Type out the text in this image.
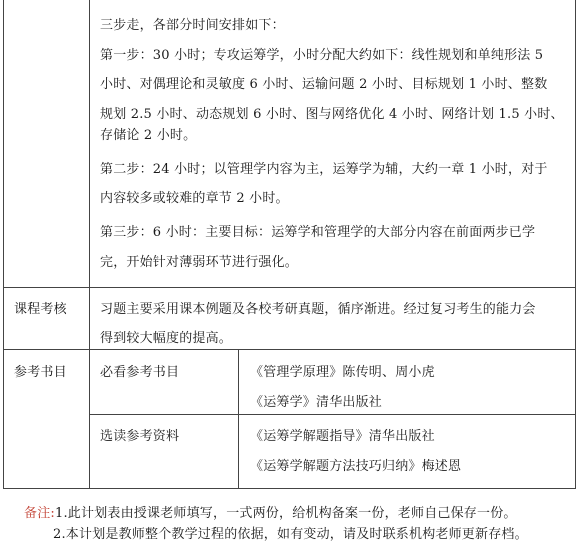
三步走，各部分时间安排如下：
第一步：30 小时；专攻运筹学，小时分配大约如下：线性规划和单纯形法 5
小时、对偶理论和灵敏度 6 小时、运输问题 2 小时、目标规划 1 小时、整数
规划 2.5 小时、动态规划 6 小时、图与网络优化 4 小时、网络计划 1.5 小时、
存储论 2 小时。
第二步：24 小时；以管理学内容为主，运筹学为辅，大约一章 1 小时，对于
内容较多或较难的章节 2 小时。
第三步：6 小时：主要目标：运筹学和管理学的大部分内容在前面两步已学
完，开始针对薄弱环节进行强化。
课程考核	习题主要采用课本例题及各校考研真题，循序渐进。经过复习考生的能力会
得到较大幅度的提高。
参考书目	必看参考书目	《管理学原理》陈传明、周小虎
《运筹学》清华出版社
选读参考资料	《运筹学解题指导》清华出版社
《运筹学解题方法技巧归纳》梅述恩
备注:1.此计划表由授课老师填写，一式两份，给机构备案一份，老师自己保存一份。
2.本计划是教师整个教学过程的依据，如有变动，请及时联系机构老师更新存档。
